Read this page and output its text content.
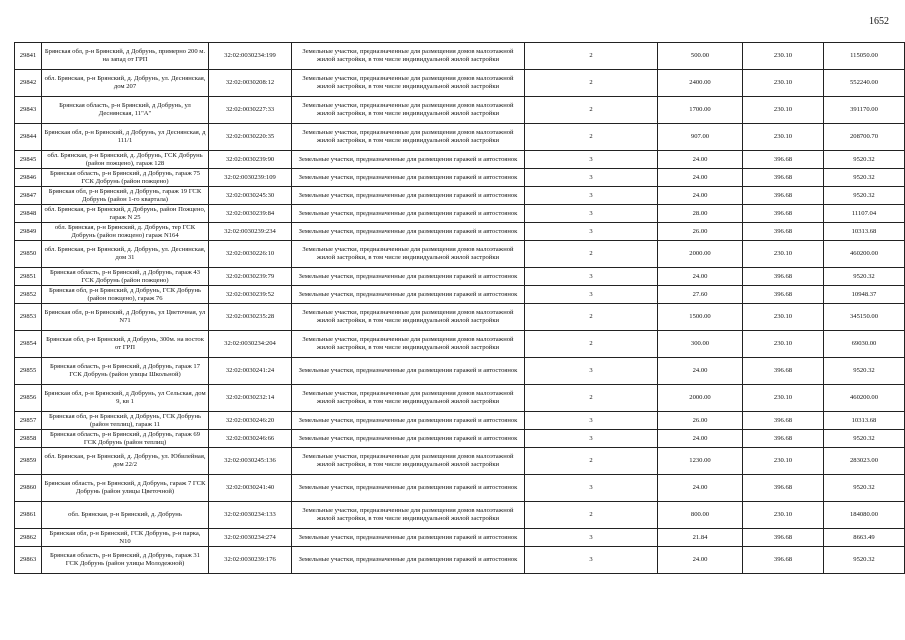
1652
29841	Брянская обл, р-н Брянский, д Добрунь, примерно 200 м. на запад от ГРП	32:02:0030234:199	Земельные участки, предназначенные для размещения домов малоэтажной жилой застройки, в том числе индивидуальной жилой застройки	2	500.00	230.10	115050.00
29842	обл. Брянская, р-н Брянский, д. Добрунь, ул. Деснянская, дом 207	32:02:0030208:12	Земельные участки, предназначенные для размещения домов малоэтажной жилой застройки, в том числе индивидуальной жилой застройки	2	2400.00	230.10	552240.00
29843	Брянская область, р-н Брянский, д Добрунь, ул Деснянская, 11"А"	32:02:0030227:33	Земельные участки, предназначенные для размещения домов малоэтажной жилой застройки, в том числе индивидуальной жилой застройки	2	1700.00	230.10	391170.00
29844	Брянская обл, р-н Брянский, д Добрунь, ул Деснянская, д 111/1	32:02:0030220:35	Земельные участки, предназначенные для размещения домов малоэтажной жилой застройки, в том числе индивидуальной жилой застройки	2	907.00	230.10	208700.70
29845	обл. Брянская, р-н Брянский, д. Добрунь, ГСК Добрунь (район пожцено), гараж 128	32:02:0030239:90	Земельные участки, предназначенные для размещения гаражей и автостоянок	3	24.00	396.68	9520.32
29846	Брянская область, р-н Брянский, д Добрунь, гараж 75 ГСК Добрунь (район пожцено)	32:02:0030239:109	Земельные участки, предназначенные для размещения гаражей и автостоянок	3	24.00	396.68	9520.32
29847	Брянская обл, р-н Брянский, д Добрунь, гараж 19 ГСК Добрунь (район 1-го квартала)	32:02:0030245:30	Земельные участки, предназначенные для размещения гаражей и автостоянок	3	24.00	396.68	9520.32
29848	обл. Брянская, р-н Брянский, д Добрунь, район Пожцено, гараж N 25	32:02:0030239:84	Земельные участки, предназначенные для размещения гаражей и автостоянок	3	28.00	396.68	11107.04
29849	обл. Брянская, р-н Брянский, д. Добрунь, тер ГСК Добрунь (район пожцено) гараж N164	32:02:0030239:234	Земельные участки, предназначенные для размещения гаражей и автостоянок	3	26.00	396.68	10313.68
29850	обл. Брянская, р-н Брянский, д. Добрунь, ул. Деснянская, дом 31	32:02:0030226:10	Земельные участки, предназначенные для размещения домов малоэтажной жилой застройки, в том числе индивидуальной жилой застройки	2	2000.00	230.10	460200.00
29851	Брянская область, р-н Брянский, д Добрунь, гараж 43 ГСК Добрунь (район пожцено)	32:02:0030239:79	Земельные участки, предназначенные для размещения гаражей и автостоянок	3	24.00	396.68	9520.32
29852	Брянская обл, р-н Брянский, д Добрунь, ГСК Добрунь (район пожцено), гараж 76	32:02:0030239:52	Земельные участки, предназначенные для размещения гаражей и автостоянок	3	27.60	396.68	10948.37
29853	Брянская обл, р-н Брянский, д Добрунь, ул Цветочная, ул N71	32:02:0030235:28	Земельные участки, предназначенные для размещения домов малоэтажной жилой застройки, в том числе индивидуальной жилой застройки	2	1500.00	230.10	345150.00
29854	Брянская обл, р-н Брянский, д Добрунь, 300м. на восток от ГРП	32:02:0030234:204	Земельные участки, предназначенные для размещения домов малоэтажной жилой застройки, в том числе индивидуальной жилой застройки	2	300.00	230.10	69030.00
29855	Брянская область, р-н Брянский, д Добрунь, гараж 17 ГСК Добрунь (район улицы Школьной)	32:02:0030241:24	Земельные участки, предназначенные для размещения гаражей и автостоянок	3	24.00	396.68	9520.32
29856	Брянская обл, р-н Брянский, д Добрунь, ул Сельская, дом 9, кв 1	32:02:0030232:14	Земельные участки, предназначенные для размещения домов малоэтажной жилой застройки, в том числе индивидуальной жилой застройки	2	2000.00	230.10	460200.00
29857	Брянская обл, р-н Брянский, д Добрунь, ГСК Добрунь (район теплиц), гараж 11	32:02:0030246:20	Земельные участки, предназначенные для размещения гаражей и автостоянок	3	26.00	396.68	10313.68
29858	Брянская область, р-н Брянский, д Добрунь, гараж 69 ГСК Добрунь (район теплиц)	32:02:0030246:66	Земельные участки, предназначенные для размещения гаражей и автостоянок	3	24.00	396.68	9520.32
29859	обл. Брянская, р-н Брянский, д. Добрунь, ул. Юбилейная, дом 22/2	32:02:0030245:136	Земельные участки, предназначенные для размещения домов малоэтажной жилой застройки, в том числе индивидуальной жилой застройки	2	1230.00	230.10	283023.00
29860	Брянская область, р-н Брянский, д Добрунь, гараж 7 ГСК Добрунь (район улицы Цветочной)	32:02:0030241:40	Земельные участки, предназначенные для размещения гаражей и автостоянок	3	24.00	396.68	9520.32
29861	обл. Брянская, р-н Брянский, д. Добрунь	32:02:0030234:133	Земельные участки, предназначенные для размещения домов малоэтажной жилой застройки, в том числе индивидуальной жилой застройки	2	800.00	230.10	184080.00
29862	Брянская обл, р-н Брянский, ГСК Добрунь, р-н парка, N10	32:02:0030234:274	Земельные участки, предназначенные для размещения гаражей и автостоянок	3	21.84	396.68	8663.49
29863	Брянская область, р-н Брянский, д Добрунь, гараж 31 ГСК Добрунь (район улицы Молодежной)	32:02:0030239:176	Земельные участки, предназначенные для размещения гаражей и автостоянок	3	24.00	396.68	9520.32
